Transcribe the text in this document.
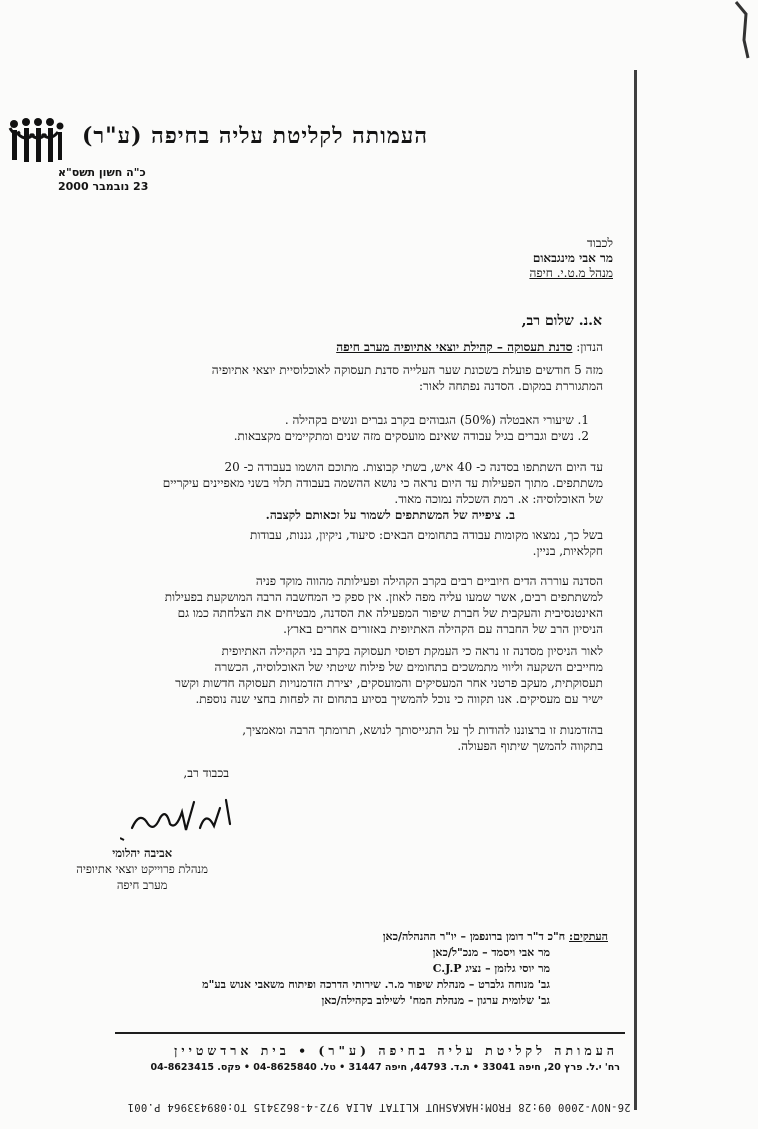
העמותה לקליטת עליה בחיפה (ע"ר)
כ"ה חשון תשס"א
23 נובמבר 2000
לכבוד
מר אבי מינגבאום
מנהל מ.ט.י. חיפה
א.נ. שלום רב,
הנדון: סדנת תעסוקה – קהילת יוצאי אתיופיה מערב חיפה
מזה 5 חודשים פועלת בשכונת שער העלייה סדנת תעסוקה לאוכלוסיית יוצאי אתיופיה
המתגוררת במקום. הסדנה נפתחה לאור:
1. שיעורי האבטלה (50%) הגבוהים בקרב גברים ונשים בקהילה .
2. נשים וגברים בגיל עבודה שאינם מועסקים מזה שנים ומתקיימים מקצבאות.
עד היום השתתפו בסדנה כ- 40 איש, בשתי קבוצות. מתוכם הושמו בעבודה כ- 20
משתתפים. מתוך הפעילות עד היום נראה כי נושא ההשמה בעבודה תלוי בשני מאפיינים עיקריים
של האוכלוסיה: א. רמת השכלה נמוכה מאוד.
ב. ציפייה של המשתתפים לשמור על זכאותם לקצבה.
בשל כך, נמצאו מקומות עבודה בתחומים הבאים: סיעוד, ניקיון, גננות, עבודות
חקלאיות, בניין.
הסדנה עוררה הדים חיוביים רבים בקרב הקהילה ופעילותה מהווה מוקד פניה
למשתתפים רבים, אשר שמעו עליה מפה לאוזן. אין ספק כי המחשבה הרבה המושקעת בפעילות
האינטנסיבית והעקבית של חברת שיפור המפעילה את הסדנה, מבטיחים את הצלחתה כמו גם
הניסיון הרב של החברה עם הקהילה האתיופית באזורים אחרים בארץ.
לאור הניסיון מסדנה זו נראה כי העמקת דפוסי תעסוקה בקרב בני הקהילה האתיופית
מחייבים השקעה וליווי מתמשכים בתחומים של פילוח שיטתי של האוכלוסיה, הכשרה
תעסוקתית, מעקב פרטני אחר המעסיקים והמועסקים, יצירת הזדמנויות תעסוקה חדשות וקשר
ישיר עם מעסיקים. אנו תקווה כי נוכל להמשיך בסיוע בתחום זה לפחות בחצי שנה נוספת.
בהזדמנות זו ברצוננו להודות לך על התגייסותך לנושא, תרומתך הרבה ומאמציך,
בתקווה להמשך שיתוף הפעולה.
בכבוד רב,
אביבה יהלומי
מנהלת פרוייקט יוצאי אתיופיה
מערב חיפה
העתקים: ח"כ ד"ר דומן ברונפמן – יו"ר ההנהלה/כאן
מר אבי ויסמד – מנכ"ל/כאן
מר יוסי גלזמן – נציג C.J.P
גב' מנוחה גלברט – מנהלת שיפור מ.ר. שירותי הדרכה ופיתוח משאבי אנוש בע"מ
גב' שלומית ערגון – מנהלת המח' לשילוב בקהילה/כאן
העמותה לקליטת עליה בחיפה (ע"ר) • בית ארדשטיין
רח' י.ל. פרץ 20, חיפה 33041 • ת.ד. 44793, חיפה 31447 • טל. 04-8625840 • פקס. 04-8623415
26-NOV-2000 09:28 FROM:HAKASHUT KLITAT ALIA 972-4-8623415 TO:089433964 P.001
